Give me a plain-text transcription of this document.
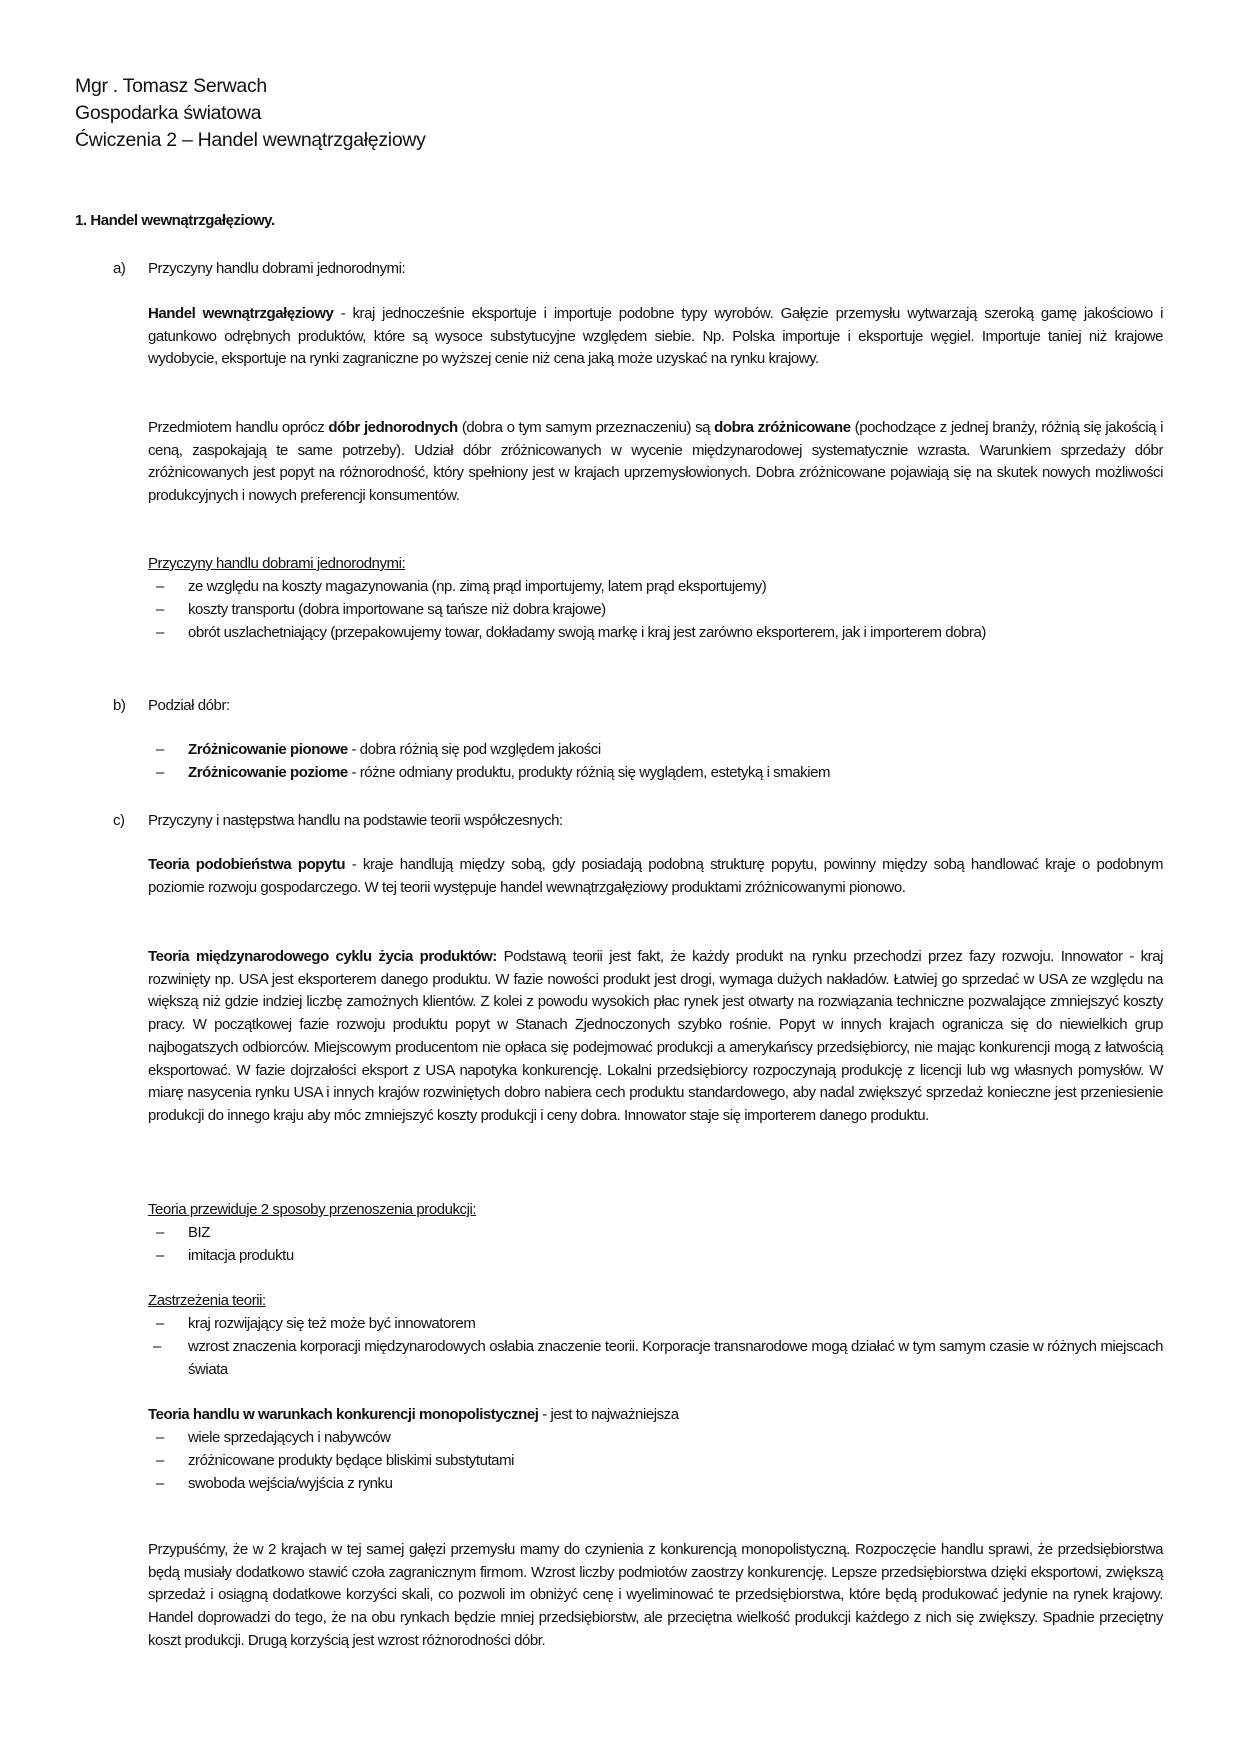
Mgr . Tomasz Serwach
Gospodarka światowa
Ćwiczenia 2 – Handel wewnątrzgałęziowy
1. Handel wewnątrzgałęziowy.
a) Przyczyny handlu dobrami jednorodnymi:
Handel wewnątrzgałęziowy - kraj jednocześnie eksportuje i importuje podobne typy wyrobów. Gałęzie przemysłu wytwarzają szeroką gamę jakościowo i gatunkowo odrębnych produktów, które są wysoce substytucyjne względem siebie. Np. Polska importuje i eksportuje węgiel. Importuje taniej niż krajowe wydobycie, eksportuje na rynki zagraniczne po wyższej cenie niż cena jaką może uzyskać na rynku krajowy.
Przedmiotem handlu oprócz dóbr jednorodnych (dobra o tym samym przeznaczeniu) są dobra zróżnicowane (pochodzące z jednej branży, różnią się jakością i ceną, zaspokajają te same potrzeby). Udział dóbr zróżnicowanych w wycenie międzynarodowej systematycznie wzrasta. Warunkiem sprzedaży dóbr zróżnicowanych jest popyt na różnorodność, który spełniony jest w krajach uprzemysłowionych. Dobra zróżnicowane pojawiają się na skutek nowych możliwości produkcyjnych i nowych preferencji konsumentów.
Przyczyny handlu dobrami jednorodnymi:
– ze względu na koszty magazynowania (np. zimą prąd importujemy, latem prąd eksportujemy)
– koszty transportu (dobra importowane są tańsze niż dobra krajowe)
– obrót uszlachetniający (przepakowujemy towar, dokładamy swoją markę i kraj jest zarówno eksporterem, jak i importerem dobra)
b) Podział dóbr:
– Zróżnicowanie pionowe - dobra różnią się pod względem jakości
– Zróżnicowanie poziome - różne odmiany produktu, produkty różnią się wyglądem, estetyką i smakiem
c) Przyczyny i następstwa handlu na podstawie teorii współczesnych:
Teoria podobieństwa popytu - kraje handlują między sobą, gdy posiadają podobną strukturę popytu, powinny między sobą handlować kraje o podobnym poziomie rozwoju gospodarczego. W tej teorii występuje handel wewnątrzgałęziowy produktami zróżnicowanymi pionowo.
Teoria międzynarodowego cyklu życia produktów: Podstawą teorii jest fakt, że każdy produkt na rynku przechodzi przez fazy rozwoju. Innowator - kraj rozwinięty np. USA jest eksporterem danego produktu. W fazie nowości produkt jest drogi, wymaga dużych nakładów. Łatwiej go sprzedać w USA ze względu na większą niż gdzie indziej liczbę zamożnych klientów. Z kolei z powodu wysokich płac rynek jest otwarty na rozwiązania techniczne pozwalające zmniejszyć koszty pracy. W początkowej fazie rozwoju produktu popyt w Stanach Zjednoczonych szybko rośnie. Popyt w innych krajach ogranicza się do niewielkich grup najbogatszych odbiorców. Miejscowym producentom nie opłaca się podejmować produkcji a amerykańscy przedsiębiorcy, nie mając konkurencji mogą z łatwością eksportować. W fazie dojrzałości eksport z USA napotyka konkurencję. Lokalni przedsiębiorcy rozpoczynają produkcję z licencji lub wg własnych pomysłów. W miarę nasycenia rynku USA i innych krajów rozwiniętych dobro nabiera cech produktu standardowego, aby nadal zwiększyć sprzedaż konieczne jest przeniesienie produkcji do innego kraju aby móc zmniejszyć koszty produkcji i ceny dobra. Innowator staje się importerem danego produktu.
Teoria przewiduje 2 sposoby przenoszenia produkcji:
– BIZ
– imitacja produktu
Zastrzeżenia teorii:
– kraj rozwijający się też może być innowatorem
–	wzrost znaczenia korporacji międzynarodowych osłabia znaczenie teorii. Korporacje transnarodowe mogą działać w tym samym czasie w różnych miejscach świata
Teoria handlu w warunkach konkurencji monopolistycznej - jest to najważniejsza
– wiele sprzedających i nabywców
– zróżnicowane produkty będące bliskimi substytutami
– swoboda wejścia/wyjścia z rynku
Przypuśćmy, że w 2 krajach w tej samej gałęzi przemysłu mamy do czynienia z konkurencją monopolistyczną. Rozpoczęcie handlu sprawi, że przedsiębiorstwa będą musiały dodatkowo stawić czoła zagranicznym firmom. Wzrost liczby podmiotów zaostrzy konkurencję. Lepsze przedsiębiorstwa dzięki eksportowi, zwiększą sprzedaż i osiągną dodatkowe korzyści skali, co pozwoli im obniżyć cenę i wyeliminować te przedsiębiorstwa, które będą produkować jedynie na rynek krajowy. Handel doprowadzi do tego, że na obu rynkach będzie mniej przedsiębiorstw, ale przeciętna wielkość produkcji każdego z nich się zwiększy. Spadnie przeciętny koszt produkcji. Drugą korzyścią jest wzrost różnorodności dóbr.
